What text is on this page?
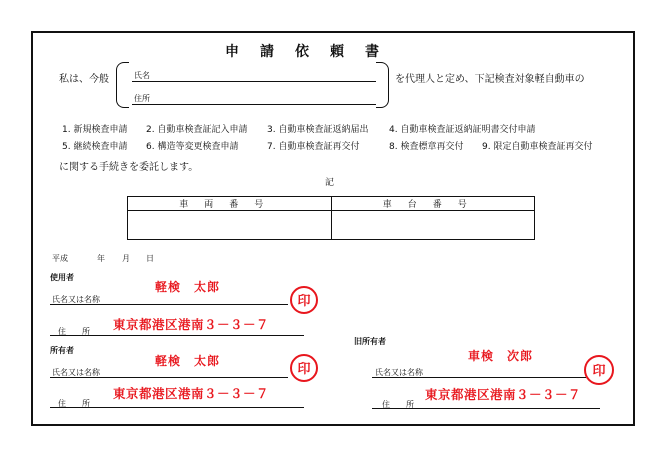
申請依頼書
私は、今般	氏名
住所
を代理人と定め、下記検査対象軽自動車の
1. 新規検査申請 2. 自動車検査証記入申請 3. 自動車検査証返納届出 4. 自動車検査証返納証明書交付申請
5. 継続検査申請 6. 構造等変更検査申請	7. 自動車検査証再交付	8. 検査標章再交付 9. 限定自動車検査証再交付
に関する手続きを委託します。
記
車両番号	車台番号

平成	年 月 日
使用者
軽検　太郎
氏名又は名称	印
住　　所 東京都港区港南３－３－７
所有者
軽検　太郎
氏名又は名称	印
東京都港区港南３－３－７
住　　所
旧所有者
車検　次郎
氏名又は名称	印
東京都港区港南３－３－７
住　　所
